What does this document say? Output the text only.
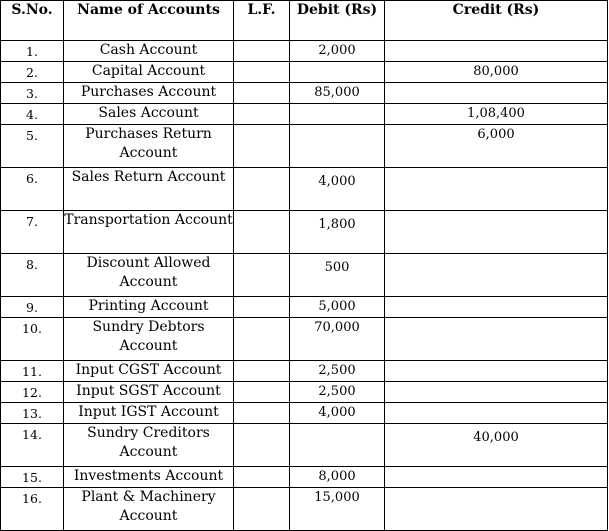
S.No.	Name of Accounts	L.F.	Debit (Rs)	Credit (Rs)
1.	Cash Account		2,000	
2.	Capital Account			80,000
3.	Purchases Account		85,000	
4.	Sales Account			1,08,400
5.	Purchases Return Account			6,000
6.	Sales Return Account		4,000	
7.	Transportation Account		1,800	
8.	Discount Allowed Account		500	
9.	Printing Account		5,000	
10.	Sundry Debtors Account		70,000	
11.	Input CGST Account		2,500	
12.	Input SGST Account		2,500	
13.	Input IGST Account		4,000	
14.	Sundry Creditors Account			40,000
15.	Investments Account		8,000	
16.	Plant & Machinery Account		15,000	
